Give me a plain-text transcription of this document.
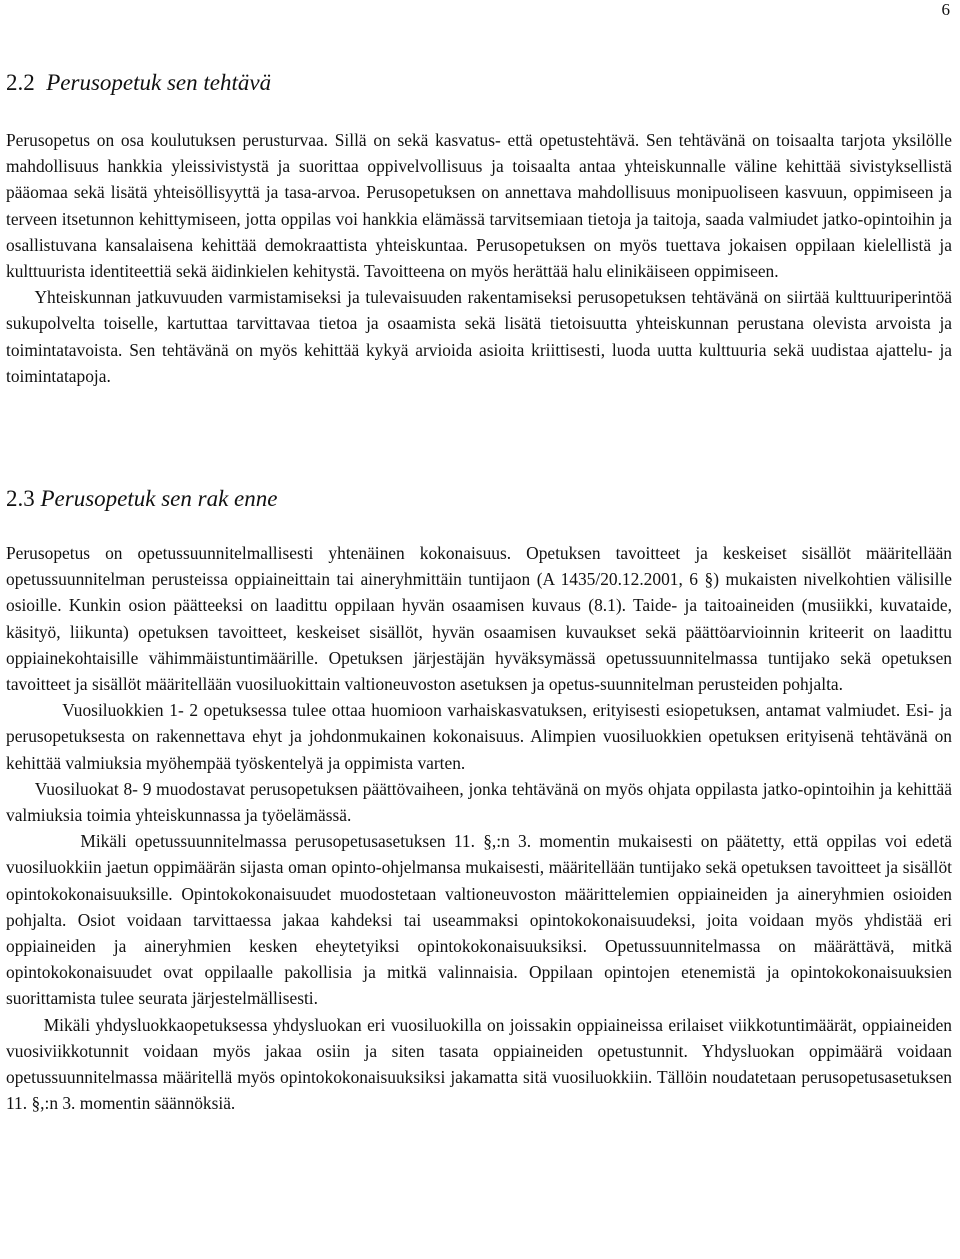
6
2.2 Perusopetuk sen tehtävä
Perusopetus on osa koulutuksen perusturvaa. Sillä on sekä kasvatus- että opetustehtävä. Sen tehtävänä on toisaalta tarjota yksilölle mahdollisuus hankkia yleissivistystä ja suorittaa oppivelvollisuus ja toisaalta antaa yhteiskunnalle väline kehittää sivistyksellistä pääomaa sekä lisätä yhteisöllisyyttä ja tasa-arvoa. Perusopetuksen on annettava mahdollisuus monipuoliseen kasvuun, oppimiseen ja terveen itsetunnon kehittymiseen, jotta oppilas voi hankkia elämässä tarvitsemiaan tietoja ja taitoja, saada valmiudet jatko-opintoihin ja osallistuvana kansalaisena kehittää demokraattista yhteiskuntaa. Perusopetuksen on myös tuettava jokaisen oppilaan kielellistä ja kulttuurista identiteettiä sekä äidinkielen kehitystä. Tavoitteena on myös herättää halu elinikäiseen oppimiseen.
Yhteiskunnan jatkuvuuden varmistamiseksi ja tulevaisuuden rakentamiseksi perusopetuksen tehtävänä on siirtää kulttuuriperintöä sukupolvelta toiselle, kartuttaa tarvittavaa tietoa ja osaamista sekä lisätä tietoisuutta yhteiskunnan perustana olevista arvoista ja toimintatavoista. Sen tehtävänä on myös kehittää kykyä arvioida asioita kriittisesti, luoda uutta kulttuuria sekä uudistaa ajattelu- ja toimintatapoja.
2.3 Perusopetuk sen rak enne
Perusopetus on opetussuunnitelmallisesti yhtenäinen kokonaisuus. Opetuksen tavoitteet ja keskeiset sisällöt määritellään opetussuunnitelman perusteissa oppiaineittain tai aineryhmittäin tuntijaon (A 1435/20.12.2001, 6 §) mukaisten nivelkohtien välisille osioille. Kunkin osion päätteeksi on laadittu oppilaan hyvän osaamisen kuvaus (8.1). Taide- ja taitoaineiden (musiikki, kuvataide, käsityö, liikunta) opetuksen tavoitteet, keskeiset sisällöt, hyvän osaamisen kuvaukset sekä päättöarvioinnin kriteerit on laadittu oppiainekohtaisille vähimmäistuntimäärille. Opetuksen järjestäjän hyväksymässä opetussuunnitelmassa tuntijako sekä opetuksen tavoitteet ja sisällöt määritellään vuosiluokittain valtioneuvoston asetuksen ja opetus-suunnitelman perusteiden pohjalta.
Vuosiluokkien 1- 2 opetuksessa tulee ottaa huomioon varhaiskasvatuksen, erityisesti esiopetuksen, antamat valmiudet. Esi- ja perusopetuksesta on rakennettava ehyt ja johdonmukainen kokonaisuus. Alimpien vuosiluokkien opetuksen erityisenä tehtävänä on kehittää valmiuksia myöhempää työskentelyä ja oppimista varten.
Vuosiluokat 8- 9 muodostavat perusopetuksen päättövaiheen, jonka tehtävänä on myös ohjata oppilasta jatko-opintoihin ja kehittää valmiuksia toimia yhteiskunnassa ja työelämässä.
Mikäli opetussuunnitelmassa perusopetusasetuksen 11. §,:n 3. momentin mukaisesti on päätetty, että oppilas voi edetä vuosiluokkiin jaetun oppimäärän sijasta oman opinto-ohjelmansa mukaisesti, määritellään tuntijako sekä opetuksen tavoitteet ja sisällöt opintokokonaisuuksille. Opintokokonaisuudet muodostetaan valtioneuvoston määrittelemien oppiaineiden ja aineryhmien osioiden pohjalta. Osiot voidaan tarvittaessa jakaa kahdeksi tai useammaksi opintokokonaisuudeksi, joita voidaan myös yhdistää eri oppiaineiden ja aineryhmien kesken eheytetyiksi opintokokonaisuuksiksi. Opetussuunnitelmassa on määrättävä, mitkä opintokokonaisuudet ovat oppilaalle pakollisia ja mitkä valinnaisia. Oppilaan opintojen etenemistä ja opintokokonaisuuksien suorittamista tulee seurata järjestelmällisesti.
Mikäli yhdysluokkaopetuksessa yhdysluokan eri vuosiluokilla on joissakin oppiaineissa erilaiset viikkotuntimäärät, oppiaineiden vuosiviikkotunnit voidaan myös jakaa osiin ja siten tasata oppiaineiden opetustunnit. Yhdysluokan oppimäärä voidaan opetussuunnitelmassa määritellä myös opintokokonaisuuksiksi jakamatta sitä vuosiluokkiin. Tällöin noudatetaan perusopetusasetuksen 11. §,:n 3. momentin säännöksiä.
